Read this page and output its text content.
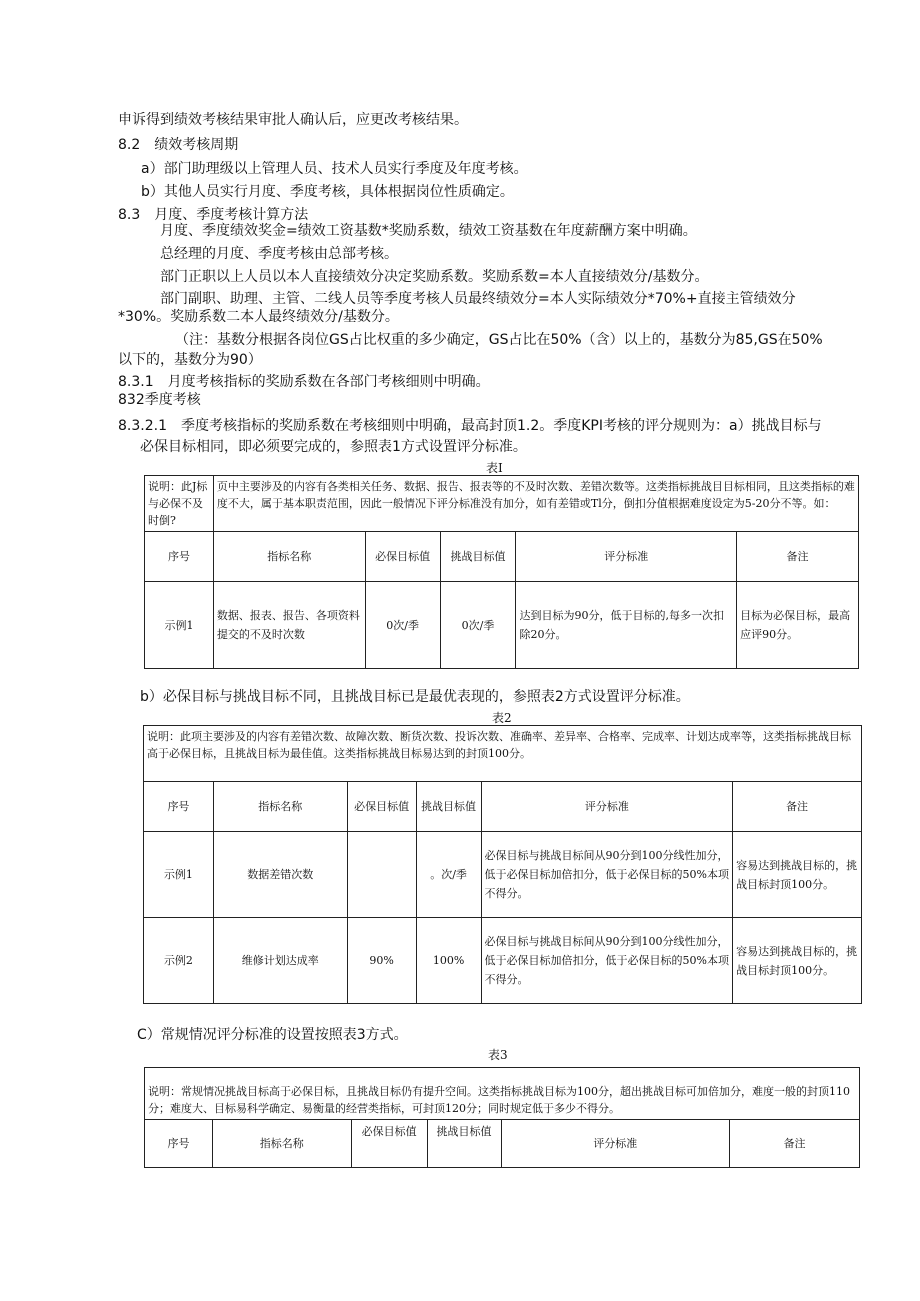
申诉得到绩效考核结果审批人确认后，应更改考核结果。
8.2　绩效考核周期
a）部门助理级以上管理人员、技术人员实行季度及年度考核。
b）其他人员实行月度、季度考核，具体根据岗位性质确定。
8.3　月度、季度考核计算方法
月度、季度绩效奖金=绩效工资基数*奖励系数，绩效工资基数在年度薪酬方案中明确。
总经理的月度、季度考核由总部考核。
部门正职以上人员以本人直接绩效分决定奖励系数。奖励系数=本人直接绩效分/基数分。
部门副职、助理、主管、二线人员等季度考核人员最终绩效分=本人实际绩效分*70%+直接主管绩效分
*30%。奖励系数二本人最终绩效分/基数分。
（注：基数分根据各岗位GS占比权重的多少确定，GS占比在50%（含）以上的，基数分为85,GS在50%
以下的，基数分为90）
8.3.1　月度考核指标的奖励系数在各部门考核细则中明确。
832季度考核
8.3.2.1　季度考核指标的奖励系数在考核细则中明确，最高封顶1.2。季度KPI考核的评分规则为：a）挑战目标与
必保目标相同，即必须要完成的，参照表1方式设置评分标准。
表I
说明：此J标与必保不及时倒?	页中主要涉及的内容有各类相关任务、数据、报告、报表等的不及时次数、差错次数等。这类指标挑战目目标相同，且这类指标的难度不大，属于基本职责范围，因此一般情况下评分标准没有加分，如有差错或Tl分，倒扣分值根据难度设定为5-20分不等。如：				
序号	指标名称	必保目标值	挑战目标值	评分标准	备注
示例1	数据、报表、报告、各项资料提交的不及时次数	0次/季	0次/季	达到目标为90分，低于目标的,每多一次扣除20分。	目标为必保目标，最高应评90分。
b）必保目标与挑战目标不同，且挑战目标已是最优表现的，参照表2方式设置评分标准。
表2
说明：此项主要涉及的内容有差错次数、故障次数、断货次数、投诉次数、准确率、差异率、合格率、完成率、计划达成率等，这类指标挑战目标高于必保目标，且挑战目标为最佳值。这类指标挑战目标易达到的封顶100分。					
序号	指标名称	必保目标值	挑战目标值	评分标准	备注
示例1	数据差错次数		。次/季	必保目标与挑战目标间从90分到100分线性加分，低于必保目标加倍扣分，低于必保目标的50%本项不得分。	容易达到挑战目标的，挑战目标封顶100分。
示例2	维修计划达成率	90%	100%	必保目标与挑战目标间从90分到100分线性加分，低于必保目标加倍扣分，低于必保目标的50%本项不得分。	容易达到挑战目标的，挑战目标封顶100分。
C）常规情况评分标准的设置按照表3方式。
表3
说明：常规情况挑战目标高于必保目标，且挑战目标仍有提升空间。这类指标挑战目标为100分，超出挑战目标可加倍加分，难度一般的封顶110分；难度大、目标易科学确定、易衡量的经营类指标，可封顶120分；同时规定低于多少不得分。
序号	指标名称	必保目标值	挑战目标值	评分标准	备注
